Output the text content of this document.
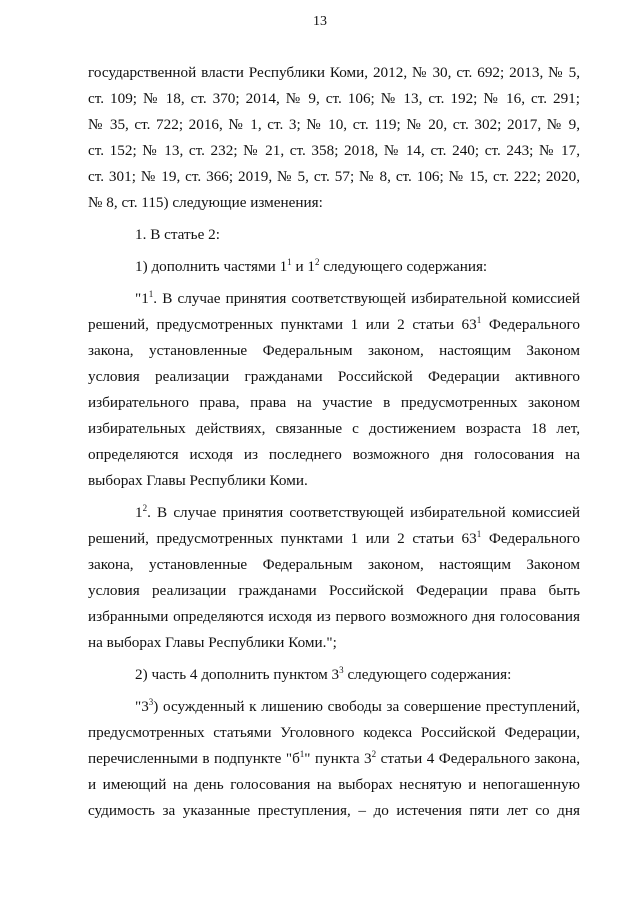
13
государственной власти Республики Коми, 2012, № 30, ст. 692; 2013, № 5,
ст. 109; № 18, ст. 370; 2014, № 9, ст. 106; № 13, ст. 192; № 16, ст. 291;
№ 35, ст. 722; 2016, № 1, ст. 3; № 10, ст. 119; № 20, ст. 302; 2017, № 9,
ст. 152; № 13, ст. 232; № 21, ст. 358; 2018, № 14, ст. 240; ст. 243; № 17,
ст. 301; № 19, ст. 366; 2019, № 5, ст. 57; № 8, ст. 106; № 15, ст. 222; 2020,
№ 8, ст. 115) следующие изменения:
1. В статье 2:
1) дополнить частями $1^1$ и $1^2$ следующего содержания:
"$1^1$. В случае принятия соответствующей избирательной комиссией
решений, предусмотренных пунктами 1 или 2 статьи $63^1$ Федерального
закона, установленные Федеральным законом, настоящим Законом
условия реализации гражданами Российской Федерации активного
избирательного права, права на участие в предусмотренных законом
избирательных действиях, связанные с достижением возраста 18 лет,
определяются исходя из последнего возможного дня голосования на
выборах Главы Республики Коми.
$1^2$. В случае принятия соответствующей избирательной комиссией
решений, предусмотренных пунктами 1 или 2 статьи $63^1$ Федерального
закона, установленные Федеральным законом, настоящим Законом
условия реализации гражданами Российской Федерации права быть
избранными определяются исходя из первого возможного дня голосования
на выборах Главы Республики Коми.";
2) часть 4 дополнить пунктом $3^3$ следующего содержания:
"$3^3$) осужденный к лишению свободы за совершение преступлений,
предусмотренных статьями Уголовного кодекса Российской Федерации,
перечисленными в подпункте "$б^1$" пункта $3^2$ статьи 4 Федерального закона,
и имеющий на день голосования на выборах неснятую и непогашенную
судимость за указанные преступления, – до истечения пяти лет со дня
